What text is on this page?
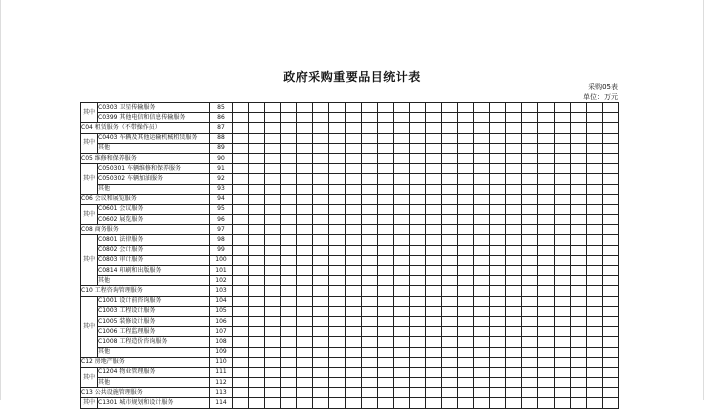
政府采购重要品目统计表
采购05表
单位：万元
其中	C0303 卫星传输服务	85																								
	C0399 其他电信和信息传输服务	86																								
C04 租赁服务（不带操作员）		87																								
其中	C0403 车辆及其他运输机械租赁服务	88																								
	其他	89																								
C05 维修和保养服务		90																								
其中	C050301 车辆维修和保养服务	91																								
	C050302 车辆加油服务	92																								
	其他	93																								
C06 会议和展览服务		94																								
其中	C0601 会议服务	95																								
	C0602 展览服务	96																								
C08 商务服务		97																								
其中	C0801 法律服务	98																								
	C0802 会计服务	99																								
	C0803 审计服务	100																								
	C0814 印刷和出版服务	101																								
	其他	102																								
C10 工程咨询管理服务		103																								
其中	C1001 设计前咨询服务	104																								
	C1003 工程设计服务	105																								
	C1005 装修设计服务	106																								
	C1006 工程监理服务	107																								
	C1008 工程造价咨询服务	108																								
	其他	109																								
C12 房地产服务		110																								
其中	C1204 物业管理服务	111																								
	其他	112																								
C13 公共设施管理服务		113																								
其中	C1301 城市规划和设计服务	114																								
